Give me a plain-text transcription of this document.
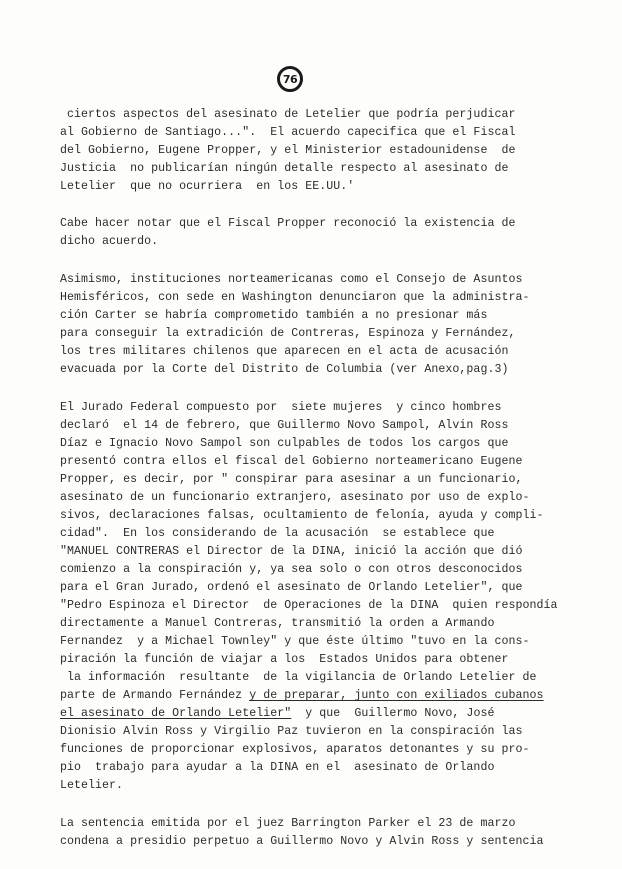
76

ciertos aspectos del asesinato de Letelier que podría perjudicar

al Gobierno de Santiago...".  El acuerdo capecifica que el Fiscal

del Gobierno, Eugene Propper, y el Ministerior estadounidense  de

Justicia  no publicarían ningún detalle respecto al asesinato de

Letelier  que no ocurriera  en los EE.UU.'

Cabe hacer notar que el Fiscal Propper reconoció la existencia de

dicho acuerdo.

Asimismo, instituciones norteamericanas como el Consejo de Asuntos

Hemisféricos, con sede en Washington denunciaron que la administra-

ción Carter se habría comprometido también a no presionar más

para conseguir la extradición de Contreras, Espinoza y Fernández,

los tres militares chilenos que aparecen en el acta de acusación

evacuada por la Corte del Distrito de Columbia (ver Anexo,pag.3)

El Jurado Federal compuesto por  siete mujeres  y cinco hombres

declaró  el 14 de febrero, que Guillermo Novo Sampol, Alvin Ross

Díaz e Ignacio Novo Sampol son culpables de todos los cargos que

presentó contra ellos el fiscal del Gobierno norteamericano Eugene

Propper, es decir, por " conspirar para asesinar a un funcionario,

asesinato de un funcionario extranjero, asesinato por uso de explo-

sivos, declaraciones falsas, ocultamiento de felonía, ayuda y compli-

cidad".  En los considerando de la acusación  se establece que

"MANUEL CONTRERAS el Director de la DINA, inició la acción que dió

comienzo a la conspiración y, ya sea solo o con otros desconocidos

para el Gran Jurado, ordenó el asesinato de Orlando Letelier", que

"Pedro Espinoza el Director  de Operaciones de la DINA  quien respondía

directamente a Manuel Contreras, transmitió la orden a Armando

Fernandez  y a Michael Townley" y que éste último "tuvo en la cons-

piración la función de viajar a los  Estados Unidos para obtener

la información  resultante  de la vigilancia de Orlando Letelier de

parte de Armando Fernández y de preparar, junto con exiliados cubanos

el asesinato de Orlando Letelier"  y que  Guillermo Novo, José

Dionisio Alvin Ross y Virgilio Paz tuvieron en la conspiración las

funciones de proporcionar explosivos, aparatos detonantes y su pro-

pio  trabajo para ayudar a la DINA en el  asesinato de Orlando

Letelier.

La sentencia emitida por el juez Barrington Parker el 23 de marzo

condena a presidio perpetuo a Guillermo Novo y Alvin Ross y sentencia
